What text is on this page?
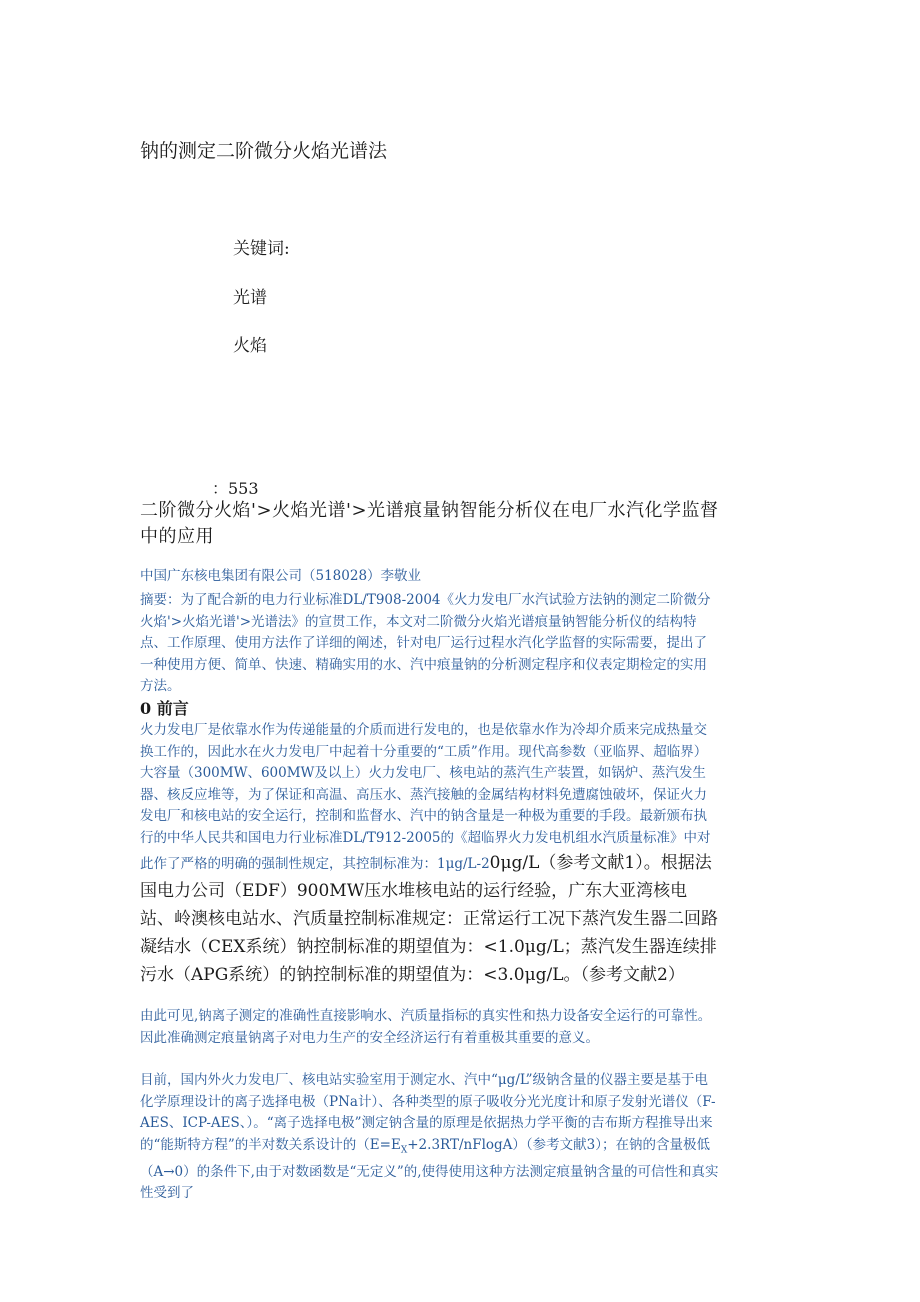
钠的测定二阶微分火焰光谱法
关键词:
光谱
火焰
：553
二阶微分火焰'>火焰光谱'>光谱痕量钠智能分析仪在电厂水汽化学监督中的应用
中国广东核电集团有限公司（518028）李敬业
摘要：为了配合新的电力行业标准DL/T908-2004《火力发电厂水汽试验方法钠的测定二阶微分火焰'>火焰光谱'>光谱法》的宣贯工作，本文对二阶微分火焰光谱痕量钠智能分析仪的结构特点、工作原理、使用方法作了详细的阐述，针对电厂运行过程水汽化学监督的实际需要，提出了一种使用方便、简单、快速、精确实用的水、汽中痕量钠的分析测定程序和仪表定期检定的实用方法。
0 前言
火力发电厂是依靠水作为传递能量的介质而进行发电的，也是依靠水作为冷却介质来完成热量交换工作的，因此水在火力发电厂中起着十分重要的“工质”作用。现代高参数（亚临界、超临界）大容量（300MW、600MW及以上）火力发电厂、核电站的蒸汽生产装置，如锅炉、蒸汽发生器、核反应堆等，为了保证和高温、高压水、蒸汽接触的金属结构材料免遭腐蚀破坏，保证火力发电厂和核电站的安全运行，控制和监督水、汽中的钠含量是一种极为重要的手段。最新颁布执行的中华人民共和国电力行业标准DL/T912-2005的《超临界火力发电机组水汽质量标准》中对此作了严格的明确的强制性规定，其控制标准为：1μg/L-20μg/L（参考文献1）。根据法国电力公司（EDF）900MW压水堆核电站的运行经验，广东大亚湾核电站、岭澳核电站水、汽质量控制标准规定：正常运行工况下蒸汽发生器二回路凝结水（CEX系统）钠控制标准的期望值为：<1.0μg/L；蒸汽发生器连续排污水（APG系统）的钠控制标准的期望值为：<3.0μg/L。（参考文献2）
由此可见,钠离子测定的准确性直接影响水、汽质量指标的真实性和热力设备安全运行的可靠性。因此准确测定痕量钠离子对电力生产的安全经济运行有着重极其重要的意义。
目前，国内外火力发电厂、核电站实验室用于测定水、汽中“μg/L”级钠含量的仪器主要是基于电化学原理设计的离子选择电极（PNa计）、各种类型的原子吸收分光光度计和原子发射光谱仪（F-AES、ICP-AES、）。“离子选择电极”测定钠含量的原理是依据热力学平衡的吉布斯方程推导出来的“能斯特方程”的半对数关系设计的$(E=E_X+2.3RT/nFlogA)$（参考文献3）；在钠的含量极低（A→0）的条件下,由于对数函数是“无定义”的,使得使用这种方法测定痕量钠含量的可信性和真实性受到了
